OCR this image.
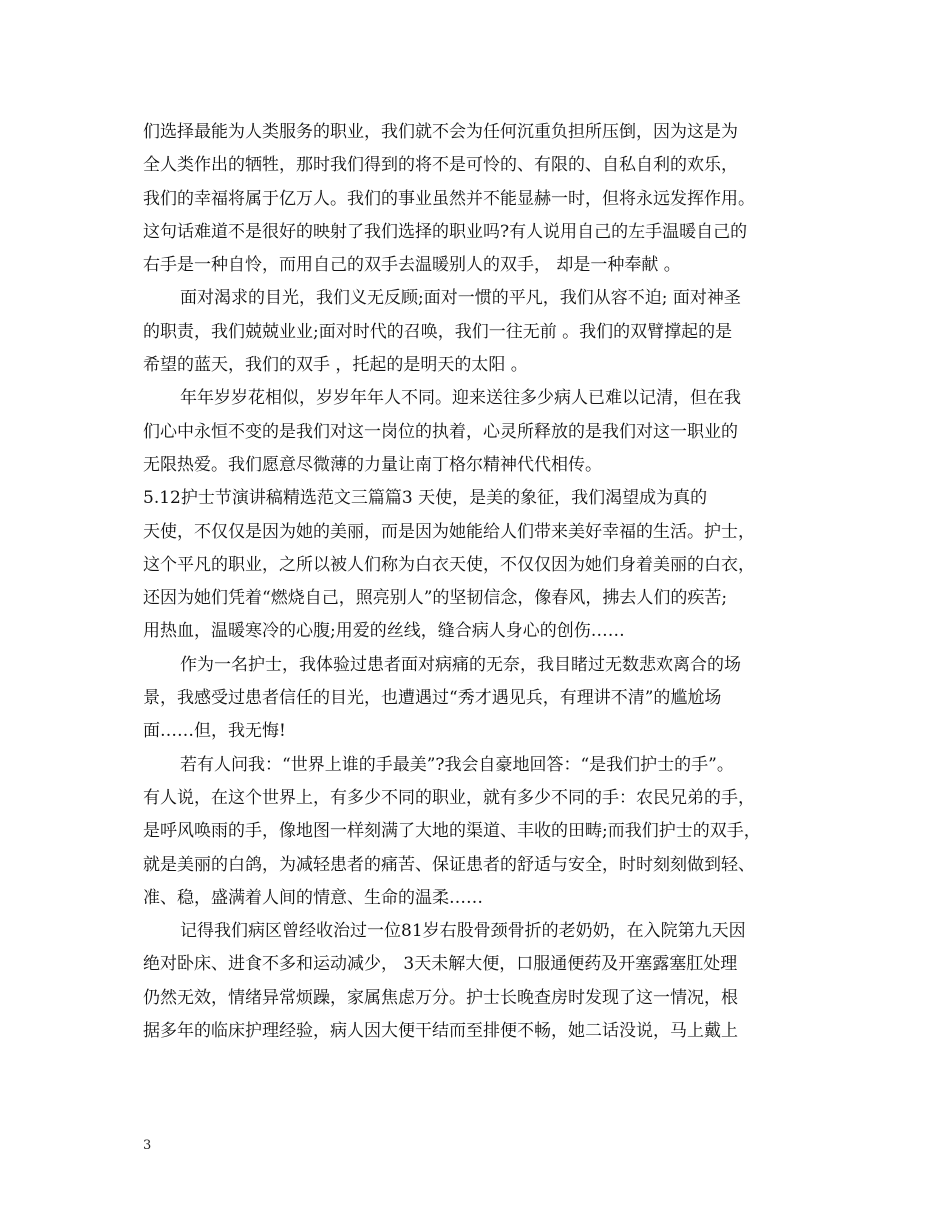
们选择最能为人类服务的职业，我们就不会为任何沉重负担所压倒，因为这是为
全人类作出的牺牲，那时我们得到的将不是可怜的、有限的、自私自利的欢乐，
我们的幸福将属于亿万人。我们的事业虽然并不能显赫一时，但将永远发挥作用。
这句话难道不是很好的映射了我们选择的职业吗?有人说用自己的左手温暖自己的
右手是一种自怜，而用自己的双手去温暖别人的双手， 却是一种奉献 。
面对渴求的目光，我们义无反顾;面对一惯的平凡，我们从容不迫; 面对神圣
的职责，我们兢兢业业;面对时代的召唤，我们一往无前 。我们的双臂撑起的是
希望的蓝天，我们的双手 ，托起的是明天的太阳 。
年年岁岁花相似，岁岁年年人不同。迎来送往多少病人已难以记清，但在我
们心中永恒不变的是我们对这一岗位的执着，心灵所释放的是我们对这一职业的
无限热爱。我们愿意尽微薄的力量让南丁格尔精神代代相传。
5.12护士节演讲稿精选范文三篇篇3 天使，是美的象征，我们渴望成为真的
天使，不仅仅是因为她的美丽，而是因为她能给人们带来美好幸福的生活。护士，
这个平凡的职业，之所以被人们称为白衣天使，不仅仅因为她们身着美丽的白衣，
还因为她们凭着“燃烧自己，照亮别人”的坚韧信念，像春风，拂去人们的疾苦;
用热血，温暖寒冷的心腹;用爱的丝线，缝合病人身心的创伤……
作为一名护士，我体验过患者面对病痛的无奈，我目睹过无数悲欢离合的场
景，我感受过患者信任的目光，也遭遇过“秀才遇见兵，有理讲不清”的尴尬场
面……但，我无悔!
若有人问我：“世界上谁的手最美”?我会自豪地回答：“是我们护士的手”。
有人说，在这个世界上，有多少不同的职业，就有多少不同的手：农民兄弟的手，
是呼风唤雨的手，像地图一样刻满了大地的渠道、丰收的田畴;而我们护士的双手，
就是美丽的白鸽，为减轻患者的痛苦、保证患者的舒适与安全，时时刻刻做到轻、
准、稳，盛满着人间的情意、生命的温柔……
记得我们病区曾经收治过一位81岁右股骨颈骨折的老奶奶，在入院第九天因
绝对卧床、进食不多和运动减少， 3天未解大便，口服通便药及开塞露塞肛处理
仍然无效，情绪异常烦躁，家属焦虑万分。护士长晚查房时发现了这一情况，根
据多年的临床护理经验，病人因大便干结而至排便不畅，她二话没说，马上戴上
3
